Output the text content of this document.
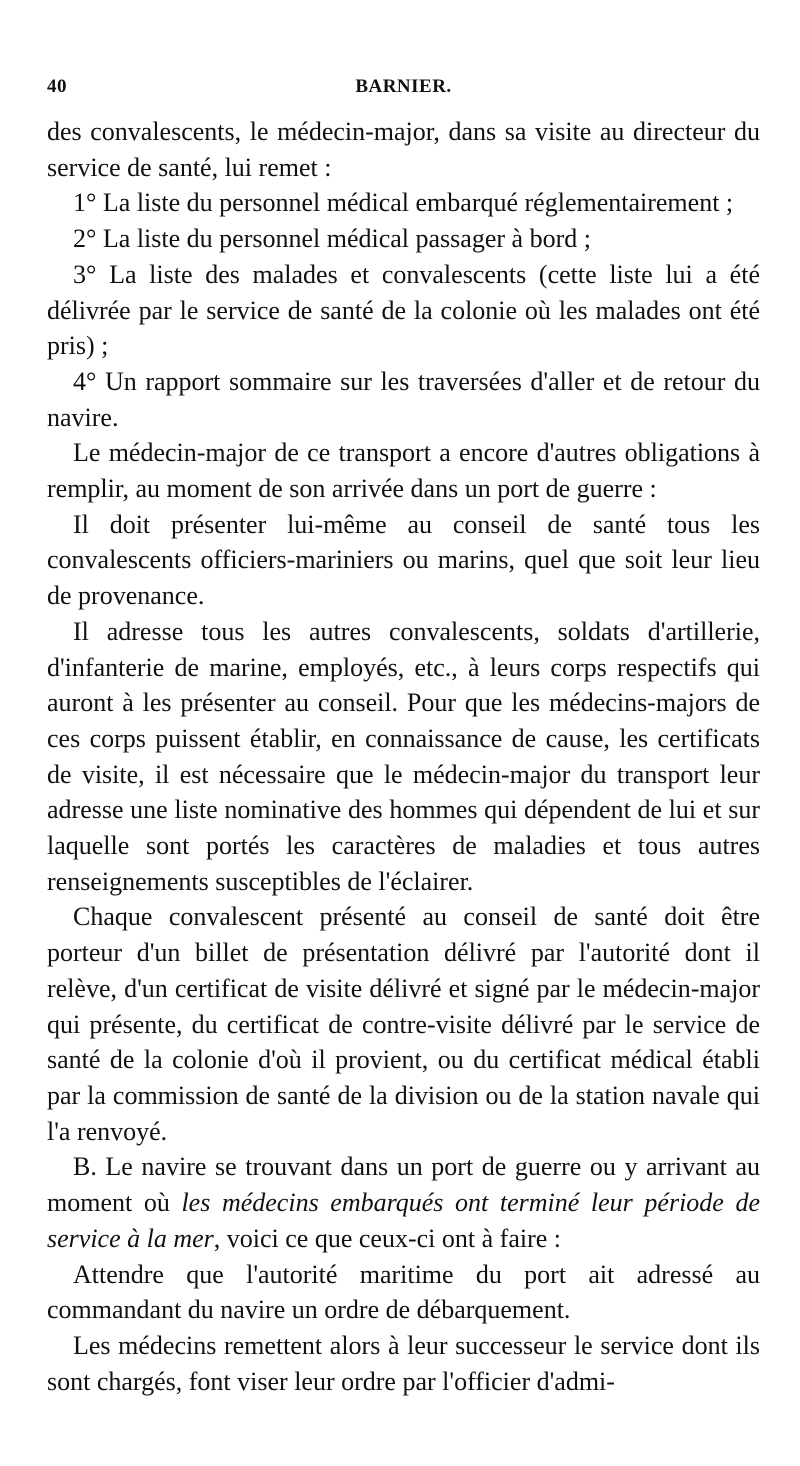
40	BARNIER.

des convalescents, le médecin-major, dans sa visite au directeur du service de santé, lui remet :

1° La liste du personnel médical embarqué réglementairement ;

2° La liste du personnel médical passager à bord ;

3° La liste des malades et convalescents (cette liste lui a été délivrée par le service de santé de la colonie où les malades ont été pris) ;

4° Un rapport sommaire sur les traversées d'aller et de retour du navire.

Le médecin-major de ce transport a encore d'autres obligations à remplir, au moment de son arrivée dans un port de guerre :

Il doit présenter lui-même au conseil de santé tous les convalescents officiers-mariniers ou marins, quel que soit leur lieu de provenance.

Il adresse tous les autres convalescents, soldats d'artillerie, d'infanterie de marine, employés, etc., à leurs corps respectifs qui auront à les présenter au conseil. Pour que les médecins-majors de ces corps puissent établir, en connaissance de cause, les certificats de visite, il est nécessaire que le médecin-major du transport leur adresse une liste nominative des hommes qui dépendent de lui et sur laquelle sont portés les caractères de maladies et tous autres renseignements susceptibles de l'éclairer.

Chaque convalescent présenté au conseil de santé doit être porteur d'un billet de présentation délivré par l'autorité dont il relève, d'un certificat de visite délivré et signé par le médecin-major qui présente, du certificat de contre-visite délivré par le service de santé de la colonie d'où il provient, ou du certificat médical établi par la commission de santé de la division ou de la station navale qui l'a renvoyé.

B. Le navire se trouvant dans un port de guerre ou y arrivant au moment où les médecins embarqués ont terminé leur période de service à la mer, voici ce que ceux-ci ont à faire :

Attendre que l'autorité maritime du port ait adressé au commandant du navire un ordre de débarquement.

Les médecins remettent alors à leur successeur le service dont ils sont chargés, font viser leur ordre par l'officier d'admi-
